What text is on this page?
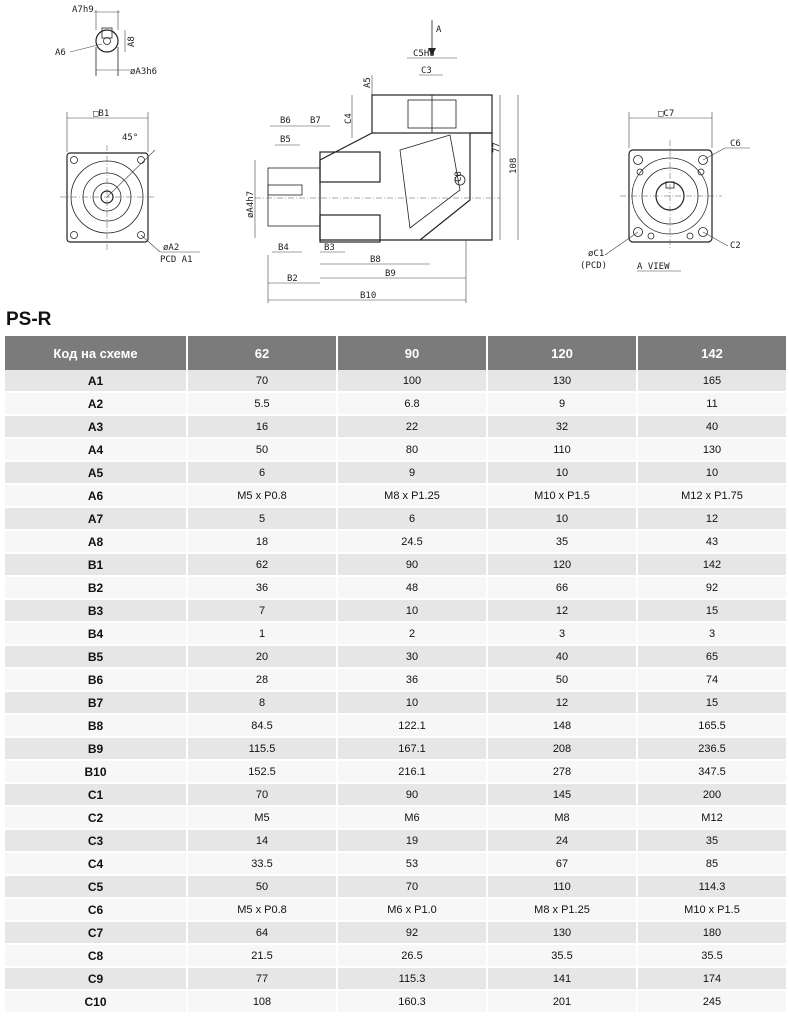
A7h9
A8
A6
øA3h6
□B1
45°
øA2
PCD A1
A
C5H8
C3
A5
C4
C8
B6 B7
B5
øA4h7
B4	B3
B8
B9
B2
B10
77
108
□C7
C6
C2
øC1
(PCD)	A VIEW
PS-R
Код на схеме	62	90	120	142
A1	70	100	130	165
A2	5.5	6.8	9	11
A3	16	22	32	40
A4	50	80	110	130
A5	6	9	10	10
A6	M5 x P0.8	M8 x P1.25	M10 x P1.5	M12 x P1.75
A7	5	6	10	12
A8	18	24.5	35	43
B1	62	90	120	142
B2	36	48	66	92
B3	7	10	12	15
B4	1	2	3	3
B5	20	30	40	65
B6	28	36	50	74
B7	8	10	12	15
B8	84.5	122.1	148	165.5
B9	115.5	167.1	208	236.5
B10	152.5	216.1	278	347.5
C1	70	90	145	200
C2	M5	M6	M8	M12
C3	14	19	24	35
C4	33.5	53	67	85
C5	50	70	110	114.3
C6	M5 x P0.8	M6 x P1.0	M8 x P1.25	M10 x P1.5
C7	64	92	130	180
C8	21.5	26.5	35.5	35.5
C9	77	115.3	141	174
C10	108	160.3	201	245
